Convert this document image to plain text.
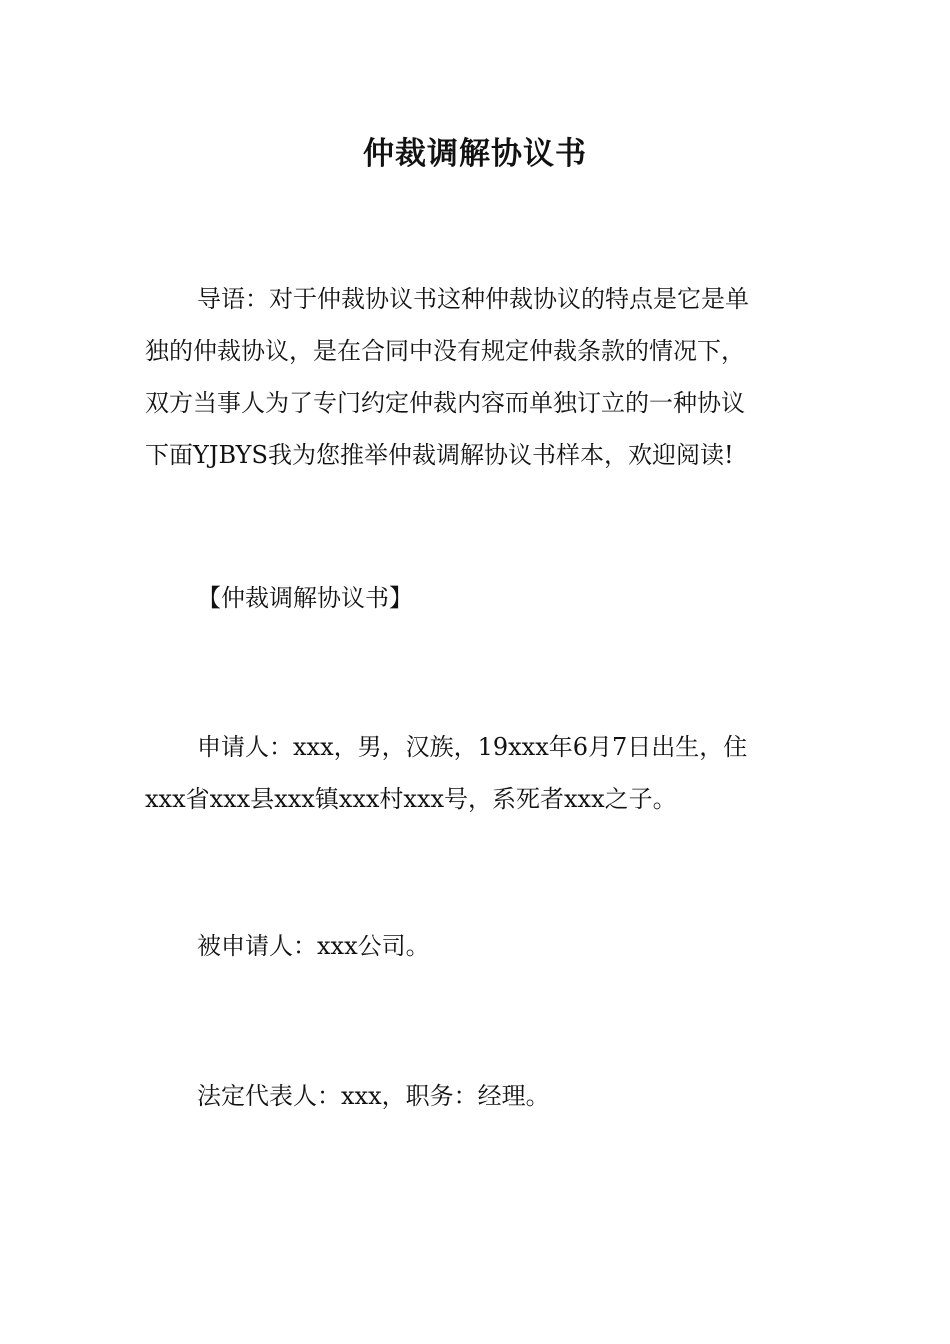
仲裁调解协议书
导语：对于仲裁协议书这种仲裁协议的特点是它是单
独的仲裁协议，是在合同中没有规定仲裁条款的情况下，
双方当事人为了专门约定仲裁内容而单独订立的一种协议
下面YJBYS我为您推举仲裁调解协议书样本，欢迎阅读!

【仲裁调解协议书】

申请人：xxx，男，汉族，19xxx年6月7日出生，住
xxx省xxx县xxx镇xxx村xxx号，系死者xxx之子。

被申请人：xxx公司。

法定代表人：xxx，职务：经理。
